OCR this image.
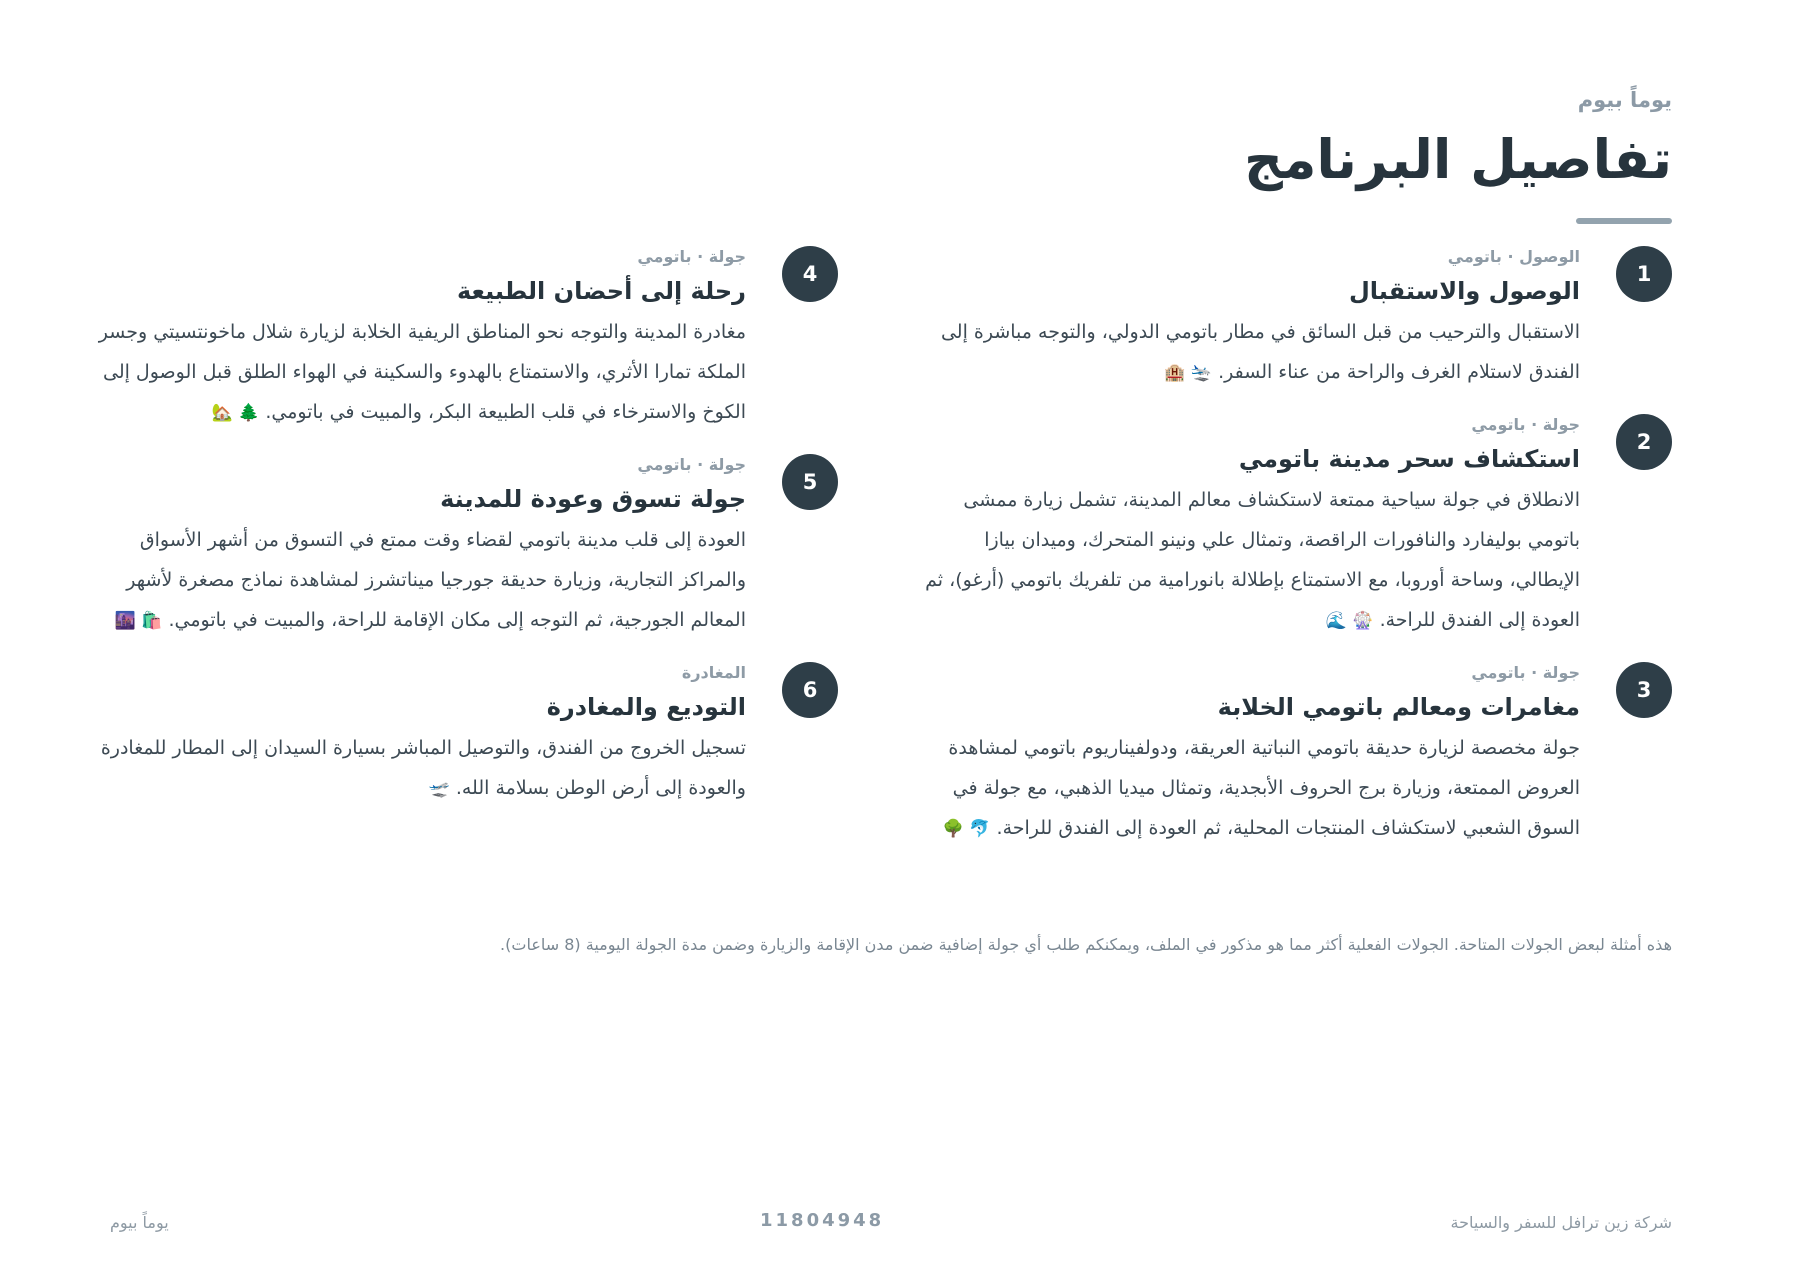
يوماً بيوم
تفاصيل البرنامج
1
الوصول · باتومي
الوصول والاستقبال

الاستقبال والترحيب من قبل السائق في مطار باتومي الدولي، والتوجه مباشرة إلى الفندق لاستلام الغرف والراحة من عناء السفر.🛬 🏨

2
جولة · باتومي
استكشاف سحر مدينة باتومي

الانطلاق في جولة سياحية ممتعة لاستكشاف معالم المدينة، تشمل زيارة ممشى باتومي بوليفارد والنافورات الراقصة، وتمثال علي ونينو المتحرك، وميدان بيازا الإيطالي، وساحة أوروبا، مع الاستمتاع بإطلالة بانورامية من تلفريك باتومي (أرغو)، ثم العودة إلى الفندق للراحة.🎡 🌊

3
جولة · باتومي
مغامرات ومعالم باتومي الخلابة

جولة مخصصة لزيارة حديقة باتومي النباتية العريقة، ودولفيناريوم باتومي لمشاهدة العروض الممتعة، وزيارة برج الحروف الأبجدية، وتمثال ميديا الذهبي، مع جولة في السوق الشعبي لاستكشاف المنتجات المحلية، ثم العودة إلى الفندق للراحة.🐬 🌳

4
جولة · باتومي
رحلة إلى أحضان الطبيعة

مغادرة المدينة والتوجه نحو المناطق الريفية الخلابة لزيارة شلال ماخونتسيتي وجسر الملكة تمارا الأثري، والاستمتاع بالهدوء والسكينة في الهواء الطلق قبل الوصول إلى الكوخ والاسترخاء في قلب الطبيعة البكر، والمبيت في باتومي.🌲 🏡

5
جولة · باتومي
جولة تسوق وعودة للمدينة

العودة إلى قلب مدينة باتومي لقضاء وقت ممتع في التسوق من أشهر الأسواق والمراكز التجارية، وزيارة حديقة جورجيا ميناتشرز لمشاهدة نماذج مصغرة لأشهر المعالم الجورجية، ثم التوجه إلى مكان الإقامة للراحة، والمبيت في باتومي.🛍️ 🌆

6
المغادرة
التوديع والمغادرة

تسجيل الخروج من الفندق، والتوصيل المباشر بسيارة السيدان إلى المطار للمغادرة والعودة إلى أرض الوطن بسلامة الله.🛫

هذه أمثلة لبعض الجولات المتاحة. الجولات الفعلية أكثر مما هو مذكور في الملف، ويمكنكم طلب أي جولة إضافية ضمن مدن الإقامة والزيارة وضمن مدة الجولة اليومية (8 ساعات).
شركة زين ترافل للسفر والسياحة
11804948
يوماً بيوم
